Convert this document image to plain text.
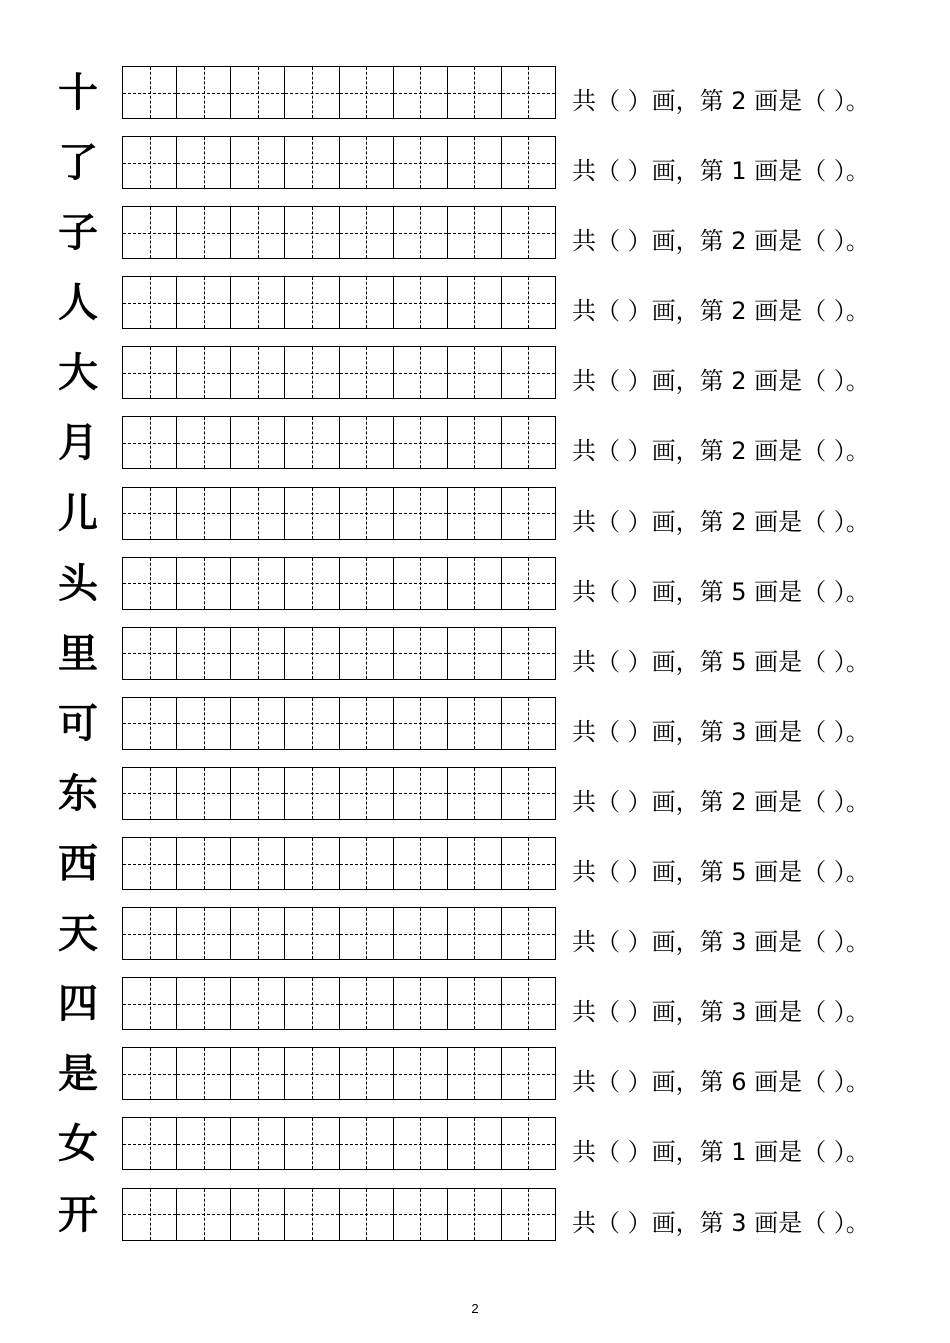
十	共（ ）画，第 2 画是（ ）。
了	共（ ）画，第 1 画是（ ）。
子	共（ ）画，第 2 画是（ ）。
人	共（ ）画，第 2 画是（ ）。
大	共（ ）画，第 2 画是（ ）。
月	共（ ）画，第 2 画是（ ）。
儿	共（ ）画，第 2 画是（ ）。
头	共（ ）画，第 5 画是（ ）。
里	共（ ）画，第 5 画是（ ）。
可	共（ ）画，第 3 画是（ ）。
东	共（ ）画，第 2 画是（ ）。
西	共（ ）画，第 5 画是（ ）。
天	共（ ）画，第 3 画是（ ）。
四	共（ ）画，第 3 画是（ ）。
是	共（ ）画，第 6 画是（ ）。
女	共（ ）画，第 1 画是（ ）。
开	共（ ）画，第 3 画是（ ）。
2
